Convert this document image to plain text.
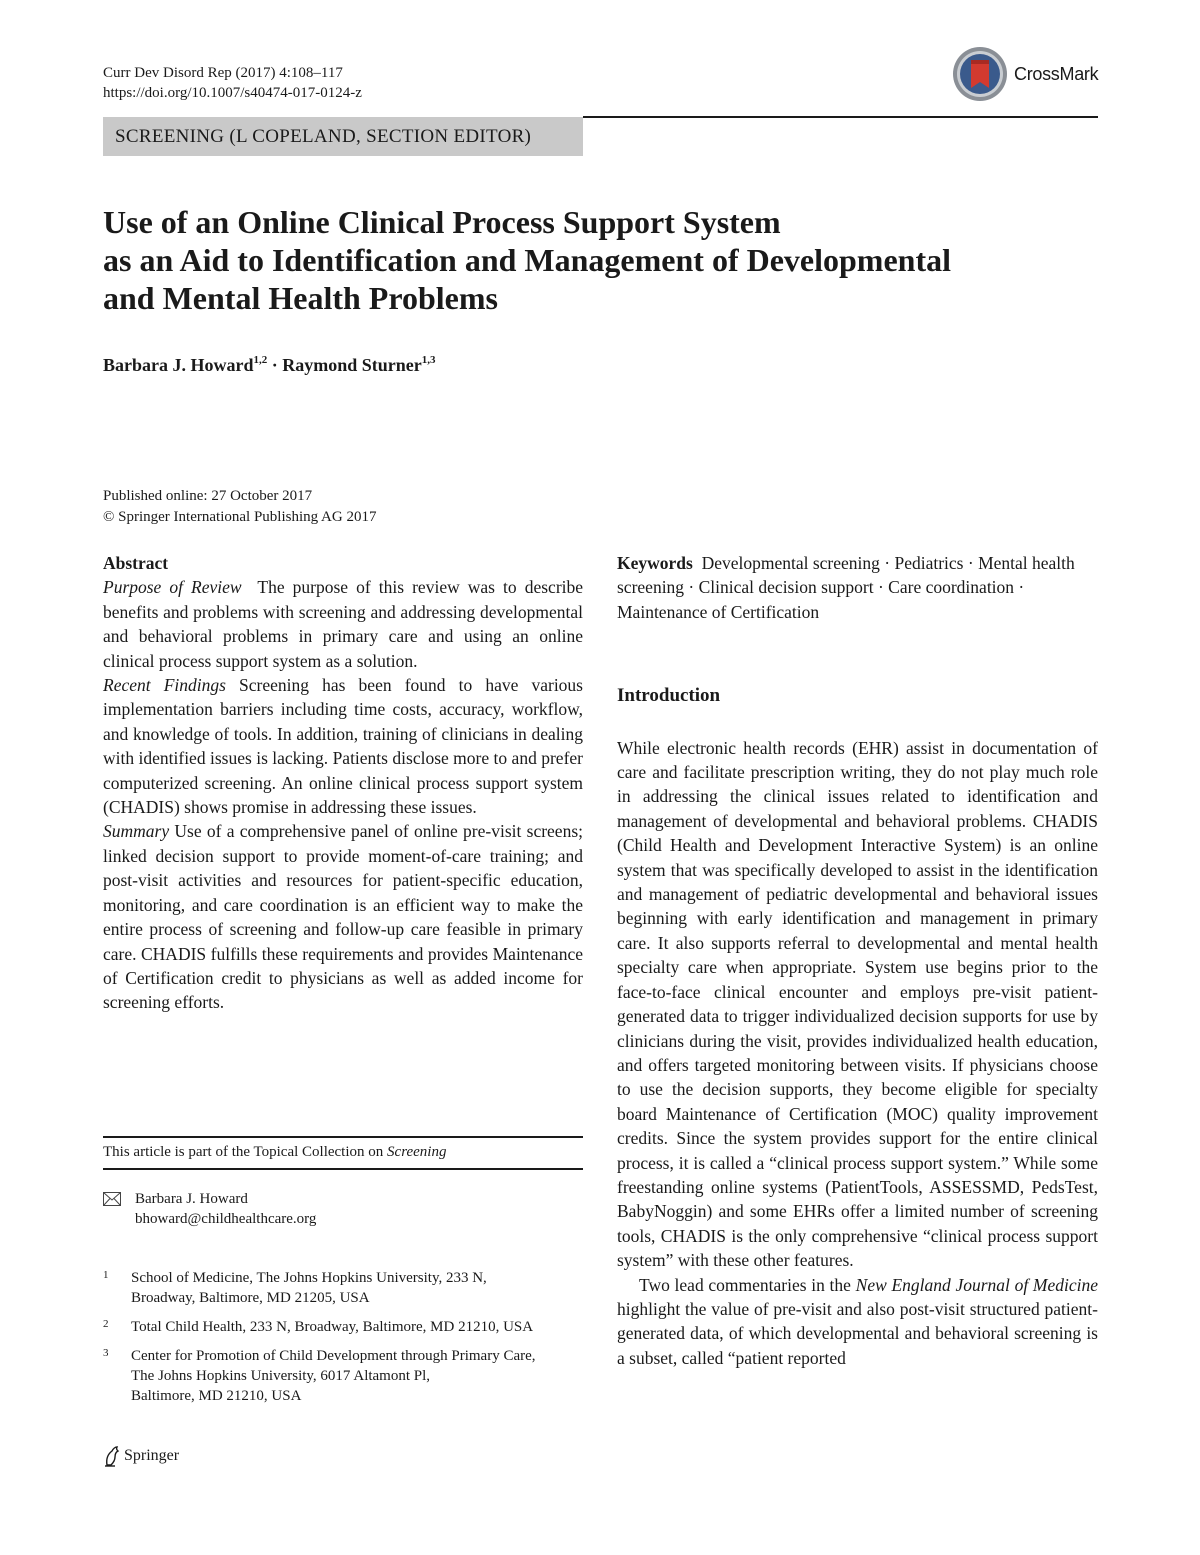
Curr Dev Disord Rep (2017) 4:108–117
https://doi.org/10.1007/s40474-017-0124-z
CrossMark
SCREENING (L COPELAND, SECTION EDITOR)
Use of an Online Clinical Process Support System
as an Aid to Identification and Management of Developmental
and Mental Health Problems
Barbara J. Howard$^{1,2}$ · Raymond Sturner$^{1,3}$
Published online: 27 October 2017
© Springer International Publishing AG 2017

Abstract

Purpose of Review The purpose of this review was to describe benefits and problems with screening and addressing developmental and behavioral problems in primary care and using an online clinical process support system as a solution.

Recent Findings Screening has been found to have various implementation barriers including time costs, accuracy, workflow, and knowledge of tools. In addition, training of clinicians in dealing with identified issues is lacking. Patients disclose more to and prefer computerized screening. An online clinical process support system (CHADIS) shows promise in addressing these issues.

Summary Use of a comprehensive panel of online pre-visit screens; linked decision support to provide moment-of-care training; and post-visit activities and resources for patient-specific education, monitoring, and care coordination is an efficient way to make the entire process of screening and follow-up care feasible in primary care. CHADIS fulfills these requirements and provides Maintenance of Certification credit to physicians as well as added income for screening efforts.

This article is part of the Topical Collection on Screening
Barbara J. Howard
bhoward@childhealthcare.org
1	School of Medicine, The Johns Hopkins University, 233 N,
Broadway, Baltimore, MD 21205, USA
2	Total Child Health, 233 N, Broadway, Baltimore, MD 21210, USA
3	Center for Promotion of Child Development through Primary Care,
The Johns Hopkins University, 6017 Altamont Pl,
Baltimore, MD 21210, USA

Keywords Developmental screening · Pediatrics · Mental health screening · Clinical decision support · Care coordination · Maintenance of Certification

Introduction

While electronic health records (EHR) assist in documentation of care and facilitate prescription writing, they do not play much role in addressing the clinical issues related to identification and management of developmental and behavioral problems. CHADIS (Child Health and Development Interactive System) is an online system that was specifically developed to assist in the identification and management of pediatric developmental and behavioral issues beginning with early identification and management in primary care. It also supports referral to developmental and mental health specialty care when appropriate. System use begins prior to the face-to-face clinical encounter and employs pre-visit patient-generated data to trigger individualized decision supports for use by clinicians during the visit, provides individualized health education, and offers targeted monitoring between visits. If physicians choose to use the decision supports, they become eligible for specialty board Maintenance of Certification (MOC) quality improvement credits. Since the system provides support for the entire clinical process, it is called a “clinical process support system.” While some freestanding online systems (PatientTools, ASSESSMD, PedsTest, BabyNoggin) and some EHRs offer a limited number of screening tools, CHADIS is the only comprehensive “clinical process support system” with these other features.

Two lead commentaries in the New England Journal of Medicine highlight the value of pre-visit and also post-visit structured patient-generated data, of which developmental and behavioral screening is a subset, called “patient reported

Springer
